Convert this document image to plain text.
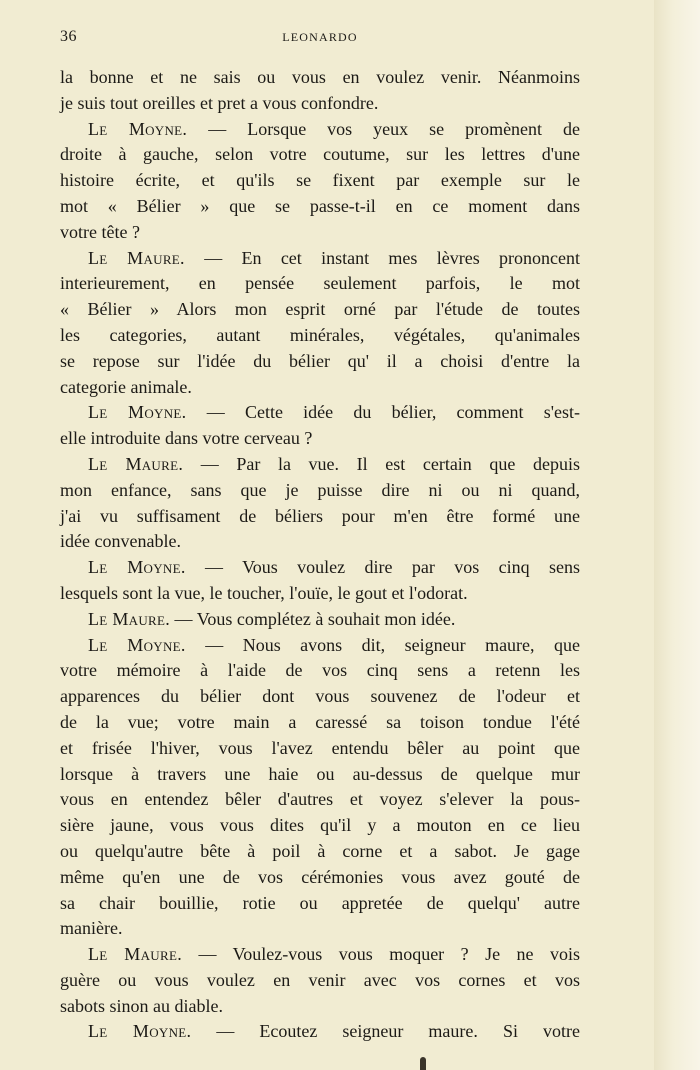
36	LEONARDO
la bonne et ne sais ou vous en voulez venir. Néanmoins
je suis tout oreilles et pret a vous confondre.
Le Moyne. — Lorsque vos yeux se promènent de
droite à gauche, selon votre coutume, sur les lettres d'une
histoire écrite, et qu'ils se fixent par exemple sur le
mot « Bélier » que se passe-t-il en ce moment dans
votre tête ?
Le Maure. — En cet instant mes lèvres prononcent
interieurement, en pensée seulement parfois, le mot
« Bélier » Alors mon esprit orné par l'étude de toutes
les categories, autant minérales, végétales, qu'animales
se repose sur l'idée du bélier qu' il a choisi d'entre la
categorie animale.
Le Moyne. — Cette idée du bélier, comment s'est-
elle introduite dans votre cerveau ?
Le Maure. — Par la vue. Il est certain que depuis
mon enfance, sans que je puisse dire ni ou ni quand,
j'ai vu suffisament de béliers pour m'en être formé une
idée convenable.
Le Moyne. — Vous voulez dire par vos cinq sens
lesquels sont la vue, le toucher, l'ouïe, le gout et l'odorat.
Le Maure. — Vous complétez à souhait mon idée.
Le Moyne. — Nous avons dit, seigneur maure, que
votre mémoire à l'aide de vos cinq sens a retenn les
apparences du bélier dont vous souvenez de l'odeur et
de la vue; votre main a caressé sa toison tondue l'été
et frisée l'hiver, vous l'avez entendu bêler au point que
lorsque à travers une haie ou au-dessus de quelque mur
vous en entendez bêler d'autres et voyez s'elever la pous-
sière jaune, vous vous dites qu'il y a mouton en ce lieu
ou quelqu'autre bête à poil à corne et a sabot. Je gage
même qu'en une de vos cérémonies vous avez gouté de
sa chair bouillie, rotie ou appretée de quelqu' autre
manière.
Le Maure. — Voulez-vous vous moquer ? Je ne vois
guère ou vous voulez en venir avec vos cornes et vos
sabots sinon au diable.
Le Moyne. — Ecoutez seigneur maure. Si votre
